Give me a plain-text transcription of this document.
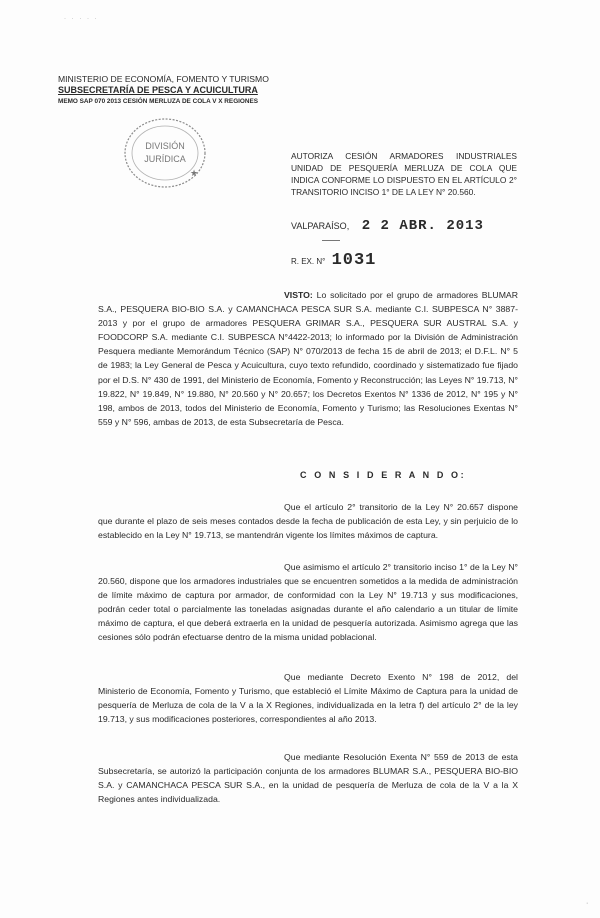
· · · · ·
MINISTERIO DE ECONOMÍA, FOMENTO Y TURISMO
SUBSECRETARÍA DE PESCA Y ACUICULTURA
MEMO SAP 070 2013 CESIÓN MERLUZA DE COLA V X REGIONES
DIVISIÓN
JURÍDICA
★
AUTORIZA CESIÓN ARMADORES INDUSTRIALES UNIDAD DE PESQUERÍA MERLUZA DE COLA QUE INDICA CONFORME LO DISPUESTO EN EL ARTÍCULO 2° TRANSITORIO INCISO 1° DE LA LEY N° 20.560.
VALPARAÍSO, 2 2 ABR. 2013
R. EX. N° 1031
VISTO: Lo solicitado por el grupo de armadores BLUMAR S.A., PESQUERA BIO-BIO S.A. y CAMANCHACA PESCA SUR S.A. mediante C.I. SUBPESCA N° 3887-2013 y por el grupo de armadores PESQUERA GRIMAR S.A., PESQUERA SUR AUSTRAL S.A. y FOODCORP S.A. mediante C.I. SUBPESCA N°4422-2013; lo informado por la División de Administración Pesquera mediante Memorándum Técnico (SAP) N° 070/2013 de fecha 15 de abril de 2013; el D.F.L. N° 5 de 1983; la Ley General de Pesca y Acuicultura, cuyo texto refundido, coordinado y sistematizado fue fijado por el D.S. N° 430 de 1991, del Ministerio de Economía, Fomento y Reconstrucción; las Leyes N° 19.713, N° 19.822, N° 19.849, N° 19.880, N° 20.560 y N° 20.657; los Decretos Exentos N° 1336 de 2012, N° 195 y N° 198, ambos de 2013, todos del Ministerio de Economía, Fomento y Turismo; las Resoluciones Exentas N° 559 y N° 596, ambas de 2013, de esta Subsecretaría de Pesca.
C O N S I D E R A N D O:
Que el artículo 2° transitorio de la Ley N° 20.657 dispone que durante el plazo de seis meses contados desde la fecha de publicación de esta Ley, y sin perjuicio de lo establecido en la Ley N° 19.713, se mantendrán vigente los límites máximos de captura.
Que asimismo el artículo 2° transitorio inciso 1° de la Ley N° 20.560, dispone que los armadores industriales que se encuentren sometidos a la medida de administración de límite máximo de captura por armador, de conformidad con la Ley N° 19.713 y sus modificaciones, podrán ceder total o parcialmente las toneladas asignadas durante el año calendario a un titular de límite máximo de captura, el que deberá extraerla en la unidad de pesquería autorizada. Asimismo agrega que las cesiones sólo podrán efectuarse dentro de la misma unidad poblacional.
Que mediante Decreto Exento N° 198 de 2012, del Ministerio de Economía, Fomento y Turismo, que estableció el Límite Máximo de Captura para la unidad de pesquería de Merluza de cola de la V a la X Regiones, individualizada en la letra f) del artículo 2° de la ley 19.713, y sus modificaciones posteriores, correspondientes al año 2013.
Que mediante Resolución Exenta N° 559 de 2013 de esta Subsecretaría, se autorizó la participación conjunta de los armadores BLUMAR S.A., PESQUERA BIO-BIO S.A. y CAMANCHACA PESCA SUR S.A., en la unidad de pesquería de Merluza de cola de la V a la X Regiones antes individualizada.
·
